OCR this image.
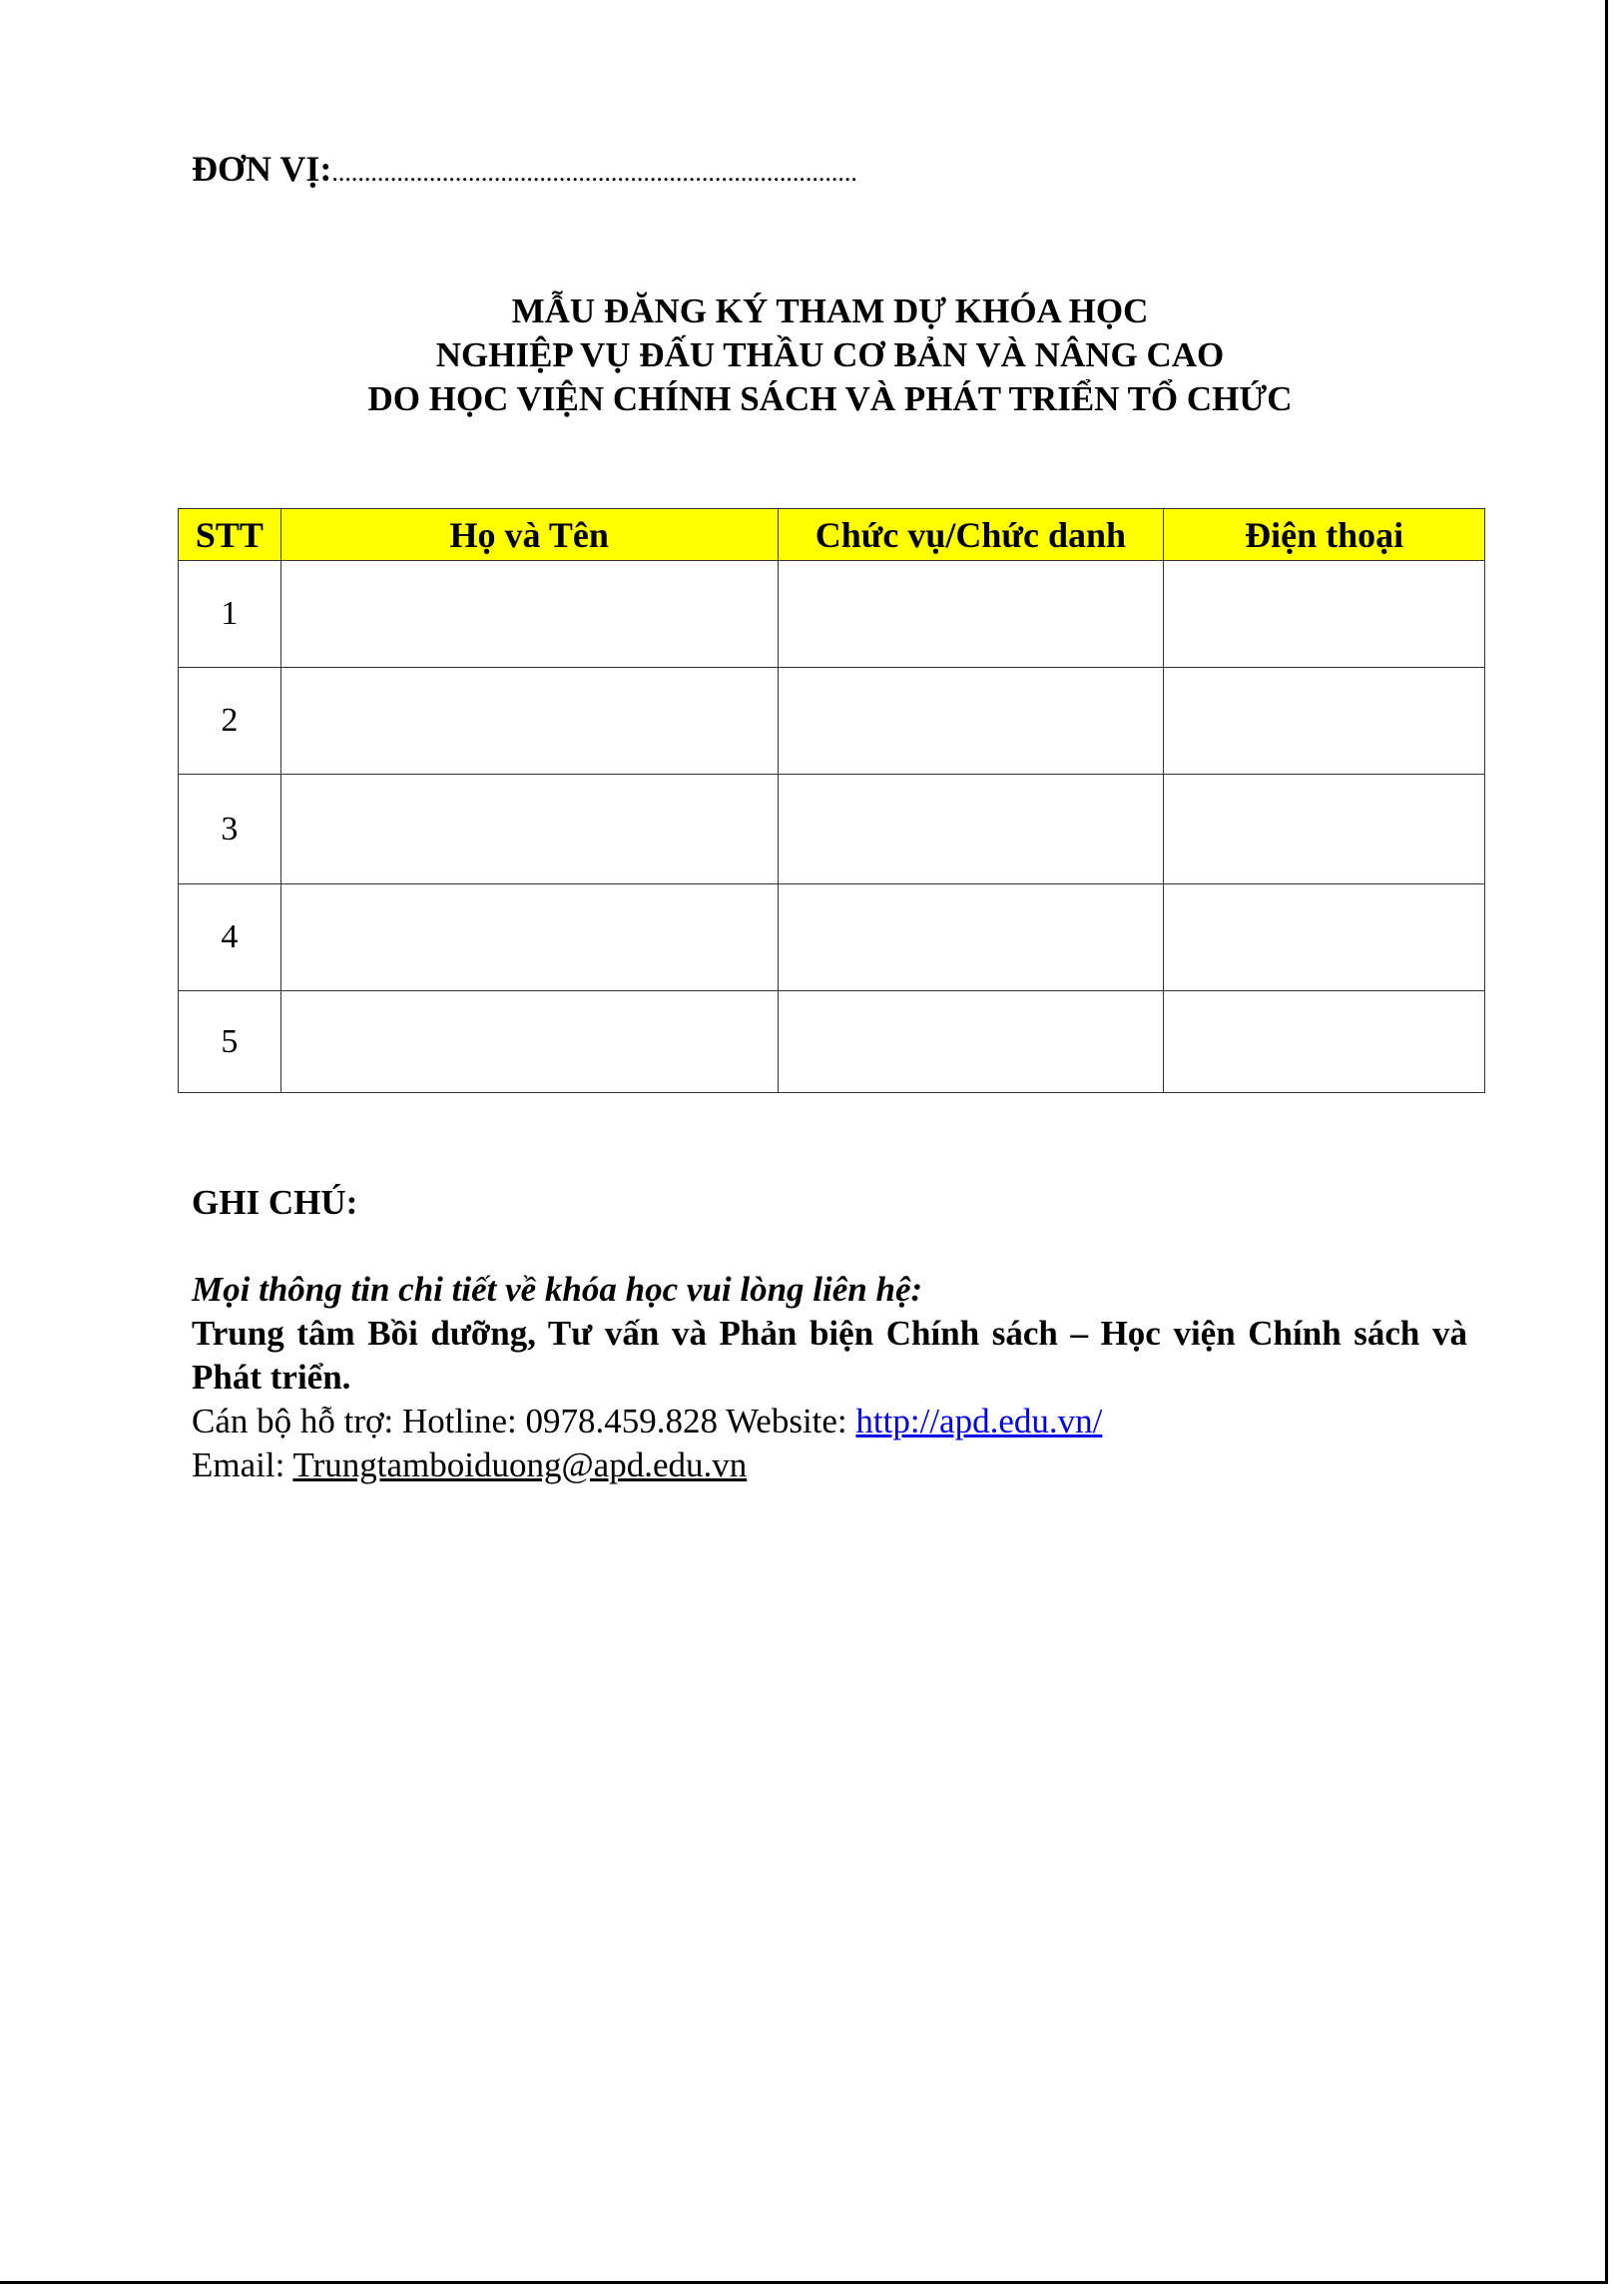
ĐƠN VỊ:.................................................................................
MẪU ĐĂNG KÝ THAM DỰ KHÓA HỌC
NGHIỆP VỤ ĐẤU THẦU CƠ BẢN VÀ NÂNG CAO
DO HỌC VIỆN CHÍNH SÁCH VÀ PHÁT TRIỂN TỔ CHỨC
STT	Họ và Tên	Chức vụ/Chức danh	Điện thoại
1			
2			
3			
4			
5			
GHI CHÚ:
Mọi thông tin chi tiết về khóa học vui lòng liên hệ:
Trung tâm Bồi dưỡng, Tư vấn và Phản biện Chính sách – Học viện Chính sách và Phát triển.
Cán bộ hỗ trợ: Hotline: 0978.459.828 Website: http://apd.edu.vn/
Email: Trungtamboiduong@apd.edu.vn
